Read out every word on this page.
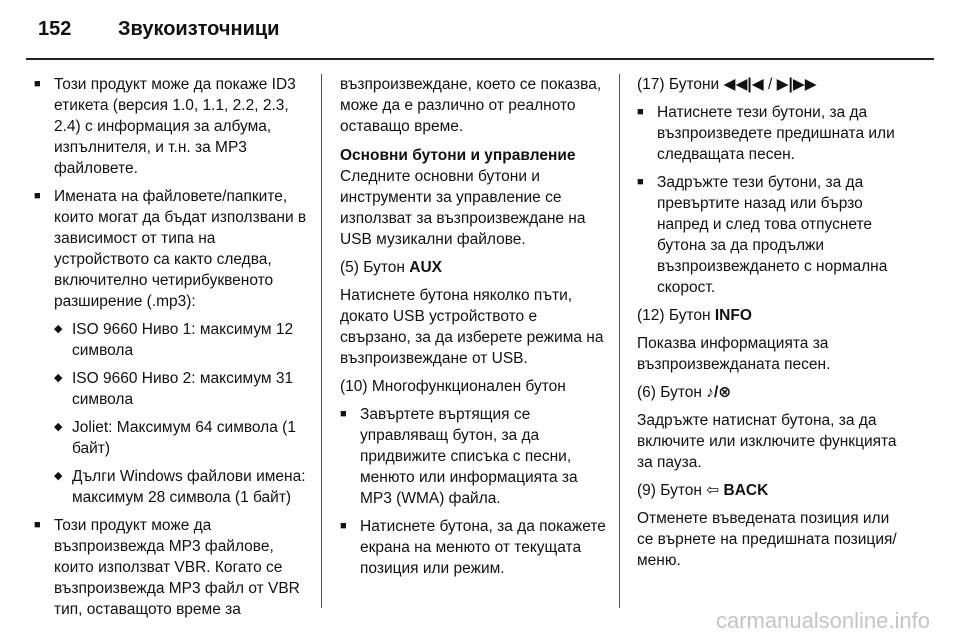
152 Звукоизточници
■ Този продукт може да покаже ID3 етикета (версия 1.0, 1.1, 2.2, 2.3, 2.4) с информация за албума, изпълнителя, и т.н. за MP3 файловете.
■ Имената на файловете/папките, които могат да бъдат използвани в зависимост от типа на устройството са както следва, включително четирибуквеното разширение (.mp3):
◆ ISO 9660 Ниво 1: максимум 12 символа
◆ ISO 9660 Ниво 2: максимум 31 символа
◆ Joliet: Максимум 64 символа (1 байт)
◆ Дълги Windows файлови имена: максимум 28 символа (1 байт)
■ Този продукт може да възпроизвежда MP3 файлове, които използват VBR. Когато се възпроизвежда MP3 файл от VBR тип, оставащото време за
възпроизвеждане, което се показва, може да е различно от реалното оставащо време.
Основни бутони и управление
Следните основни бутони и инструменти за управление се използват за възпроизвеждане на USB музикални файлове.
(5) Бутон AUX
Натиснете бутона няколко пъти, докато USB устройството е свързано, за да изберете режима на възпроизвеждане от USB.
(10) Многофункционален бутон
■ Завъртете въртящия се управляващ бутон, за да придвижите списъка с песни, менюто или информацията за MP3 (WMA) файла.
■ Натиснете бутона, за да покажете екрана на менюто от текущата позиция или режим.
(17) Бутони ◀◀|◀ / ▶|▶▶
■ Натиснете тези бутони, за да възпроизведете предишната или следващата песен.
■ Задръжте тези бутони, за да превъртите назад или бързо напред и след това отпуснете бутона за да продължи възпроизвеждането с нормална скорост.
(12) Бутон INFO
Показва информацията за възпроизвежданата песен.
(6) Бутон ♪/⊗
Задръжте натиснат бутона, за да включите или изключите функцията за пауза.
(9) Бутон ⇦ BACK
Отменете въведената позиция или се върнете на предишната позиция/меню.
carmanualsonline.info
